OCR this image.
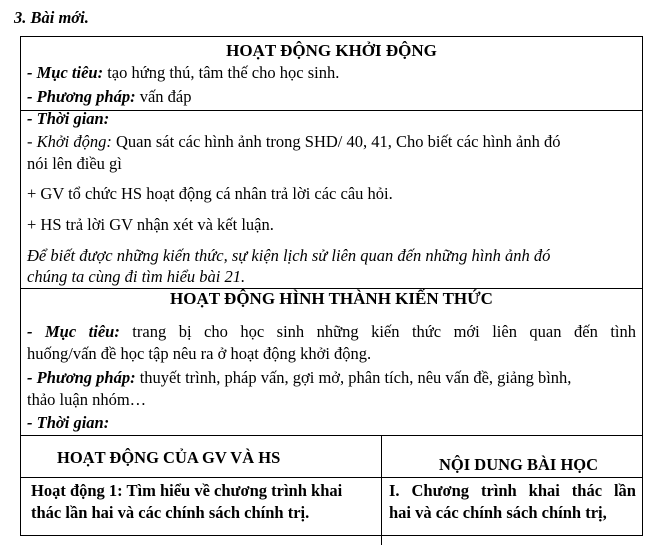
3. Bài mới.
HOẠT ĐỘNG KHỞI ĐỘNG
- Mục tiêu: tạo hứng thú, tâm thế cho học sinh.
- Phương pháp: vấn đáp
- Thời gian:
- Khởi động: Quan sát các hình ảnh trong SHD/ 40, 41, Cho biết các hình ảnh đó
nói lên điều gì
+ GV tổ chức HS hoạt động cá nhân trả lời các câu hỏi.
+ HS trả lời GV nhận xét và kết luận.
Để biết được những kiến thức, sự kiện lịch sử liên quan đến những hình ảnh đó
chúng ta cùng đi tìm hiểu bài 21.
HOẠT ĐỘNG HÌNH THÀNH KIẾN THỨC
- Mục tiêu: trang bị cho học sinh những kiến thức mới liên quan đến tình
huống/vấn đề học tập nêu ra ở hoạt động khởi động.
- Phương pháp: thuyết trình, pháp vấn, gợi mở, phân tích, nêu vấn đề, giảng bình,
thảo luận nhóm…
- Thời gian:
HOẠT ĐỘNG CỦA GV VÀ HS	NỘI DUNG BÀI HỌC
Hoạt động 1: Tìm hiểu về chương trình khai
thác lần hai và các chính sách chính trị.
I. Chương trình khai thác lần
hai và các chính sách chính trị,
